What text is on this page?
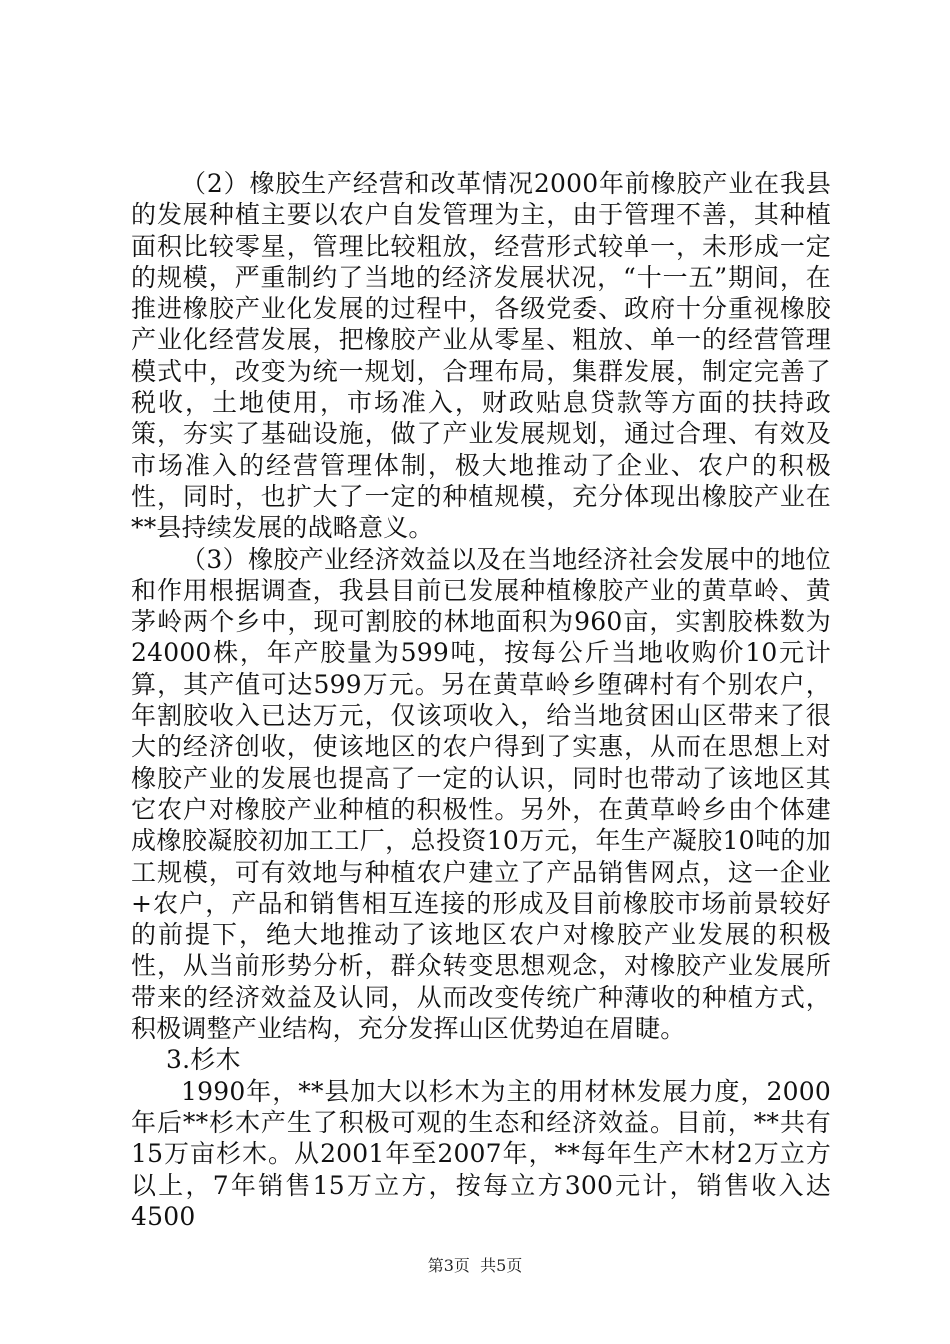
（2）橡胶生产经营和改革情况2000年前橡胶产业在我县的发展种植主要以农户自发管理为主，由于管理不善，其种植面积比较零星，管理比较粗放，经营形式较单一，未形成一定的规模，严重制约了当地的经济发展状况，“十一五”期间，在推进橡胶产业化发展的过程中，各级党委、政府十分重视橡胶产业化经营发展，把橡胶产业从零星、粗放、单一的经营管理模式中，改变为统一规划，合理布局，集群发展，制定完善了税收，土地使用，市场准入，财政贴息贷款等方面的扶持政策，夯实了基础设施，做了产业发展规划，通过合理、有效及市场准入的经营管理体制，极大地推动了企业、农户的积极性，同时，也扩大了一定的种植规模，充分体现出橡胶产业在**县持续发展的战略意义。

（3）橡胶产业经济效益以及在当地经济社会发展中的地位和作用根据调查，我县目前已发展种植橡胶产业的黄草岭、黄茅岭两个乡中，现可割胶的林地面积为960亩，实割胶株数为24000株，年产胶量为599吨，按每公斤当地收购价10元计算，其产值可达599万元。另在黄草岭乡堕碑村有个别农户，年割胶收入已达万元，仅该项收入，给当地贫困山区带来了很大的经济创收，使该地区的农户得到了实惠，从而在思想上对橡胶产业的发展也提高了一定的认识，同时也带动了该地区其它农户对橡胶产业种植的积极性。另外，在黄草岭乡由个体建成橡胶凝胶初加工工厂，总投资10万元，年生产凝胶10吨的加工规模，可有效地与种植农户建立了产品销售网点，这一企业+农户，产品和销售相互连接的形成及目前橡胶市场前景较好的前提下，绝大地推动了该地区农户对橡胶产业发展的积极性，从当前形势分析，群众转变思想观念，对橡胶产业发展所带来的经济效益及认同，从而改变传统广种薄收的种植方式，积极调整产业结构，充分发挥山区优势迫在眉睫。

3.杉木

1990年，**县加大以杉木为主的用材林发展力度，2000年后**杉木产生了积极可观的生态和经济效益。目前，**共有15万亩杉木。从2001年至2007年，**每年生产木材2万立方以上，7年销售15万立方，按每立方300元计，销售收入达4500

第3页  共5页
